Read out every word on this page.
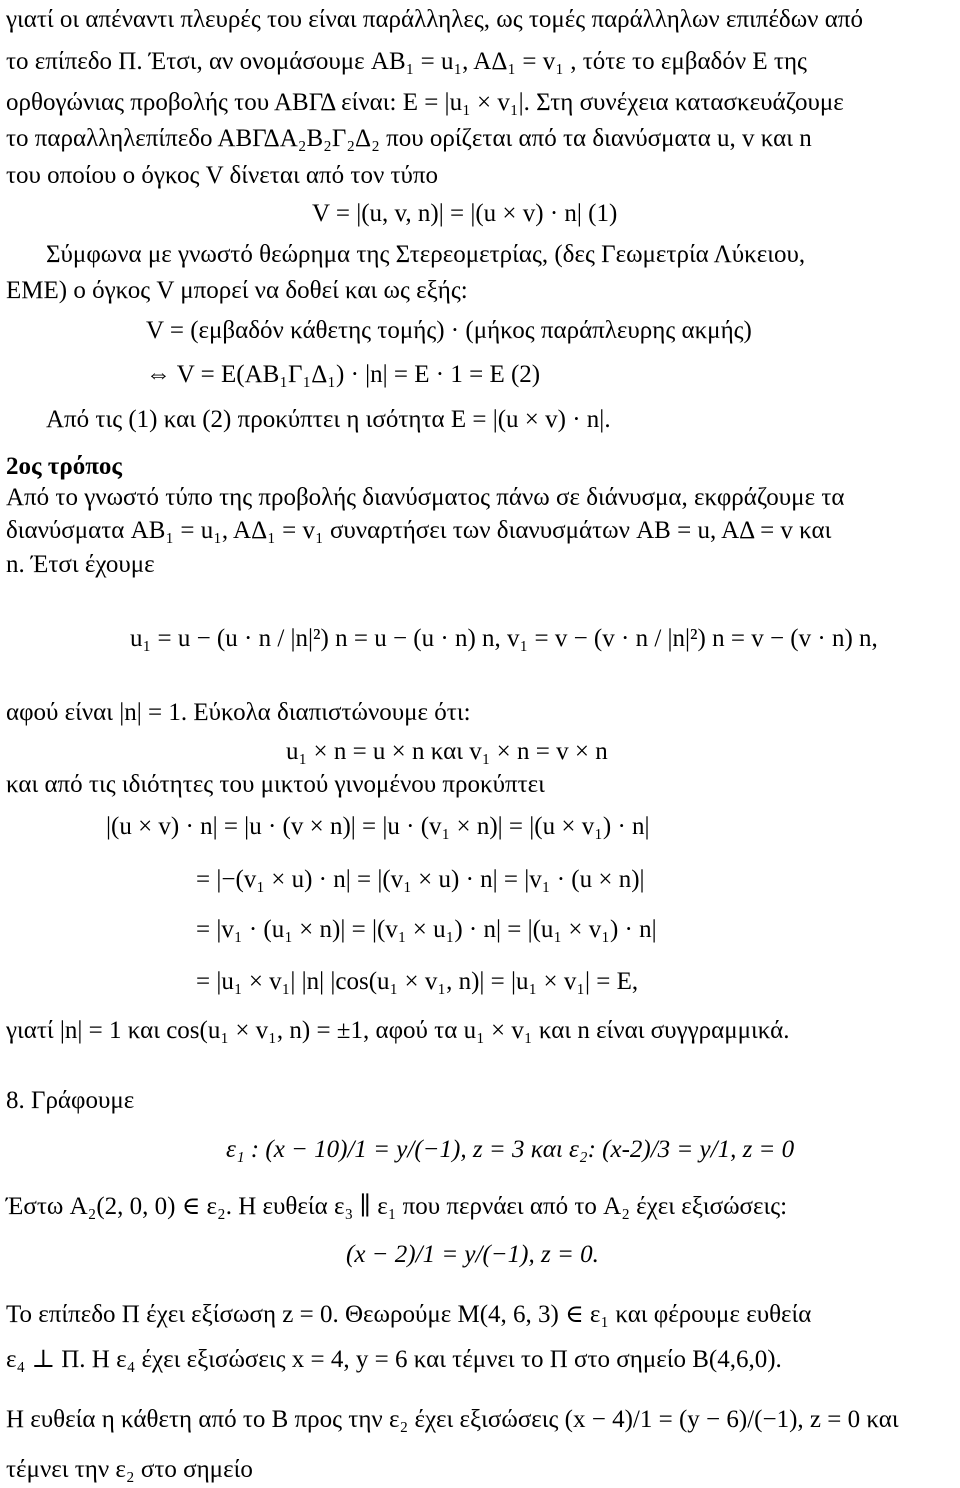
γιατί οι απέναντι πλευρές του είναι παράλληλες, ως τομές παράλληλων επιπέδων από
το επίπεδο Π. Έτσι, αν ονομάσουμε AB₁ = u₁, AΔ₁ = v₁ , τότε το εμβαδόν E της
ορθογώνιας προβολής του ΑΒΓΔ είναι: E = |u₁ × v₁|. Στη συνέχεια κατασκευάζουμε
το παραλληλεπίπεδο ΑΒΓΔΑ₂Β₂Γ₂Δ₂ που ορίζεται από τα διανύσματα u, v και n
του οποίου ο όγκος V δίνεται από τον τύπο
V = |(u, v, n)| = |(u × v) · n| (1)
Σύμφωνα με γνωστό θεώρημα της Στερεομετρίας, (δες Γεωμετρία Λύκειου,
ΕΜΕ) ο όγκος V μπορεί να δοθεί και ως εξής:
V = (εμβαδόν κάθετης τομής) · (μήκος παράπλευρης ακμής)
⇔ V = E(ΑΒ₁Γ₁Δ₁) · |n| = E · 1 = E (2)
Από τις (1) και (2) προκύπτει η ισότητα E = |(u × v) · n|.
2ος τρόπος
Από το γνωστό τύπο της προβολής διανύσματος πάνω σε διάνυσμα, εκφράζουμε τα
διανύσματα AB₁ = u₁, AΔ₁ = v₁ συναρτήσει των διανυσμάτων AB = u, AΔ = v και
n. Έτσι έχουμε
u₁ = u − (u · n / |n|²) n = u − (u · n) n, v₁ = v − (v · n / |n|²) n = v − (v · n) n,
αφού είναι |n| = 1. Εύκολα διαπιστώνουμε ότι:
u₁ × n = u × n και v₁ × n = v × n
και από τις ιδιότητες του μικτού γινομένου προκύπτει
|(u × v) · n| = |u · (v × n)| = |u · (v₁ × n)| = |(u × v₁) · n|
= |−(v₁ × u) · n| = |(v₁ × u) · n| = |v₁ · (u × n)|
= |v₁ · (u₁ × n)| = |(v₁ × u₁) · n| = |(u₁ × v₁) · n|
= |u₁ × v₁| |n| |cos(u₁ × v₁, n)| = |u₁ × v₁| = E,
γιατί |n| = 1 και cos(u₁ × v₁, n) = ±1, αφού τα u₁ × v₁ και n είναι συγγραμμικά.
8. Γράφουμε
ε₁ : (x − 10)/1 = y/(−1), z = 3 και ε₂: (x-2)/3 = y/1, z = 0
Έστω A₂(2, 0, 0) ∈ ε₂. Η ευθεία ε₃ ∥ ε₁ που περνάει από το A₂ έχει εξισώσεις:
(x − 2)/1 = y/(−1), z = 0.
Το επίπεδο Π έχει εξίσωση z = 0. Θεωρούμε M(4, 6, 3) ∈ ε₁ και φέρουμε ευθεία
ε₄ ⊥ Π. Η ε₄ έχει εξισώσεις x = 4, y = 6 και τέμνει το Π στο σημείο B(4,6,0).
Η ευθεία η κάθετη από το B προς την ε₂ έχει εξισώσεις (x − 4)/1 = (y − 6)/(−1), z = 0 και
τέμνει την ε₂ στο σημείο
